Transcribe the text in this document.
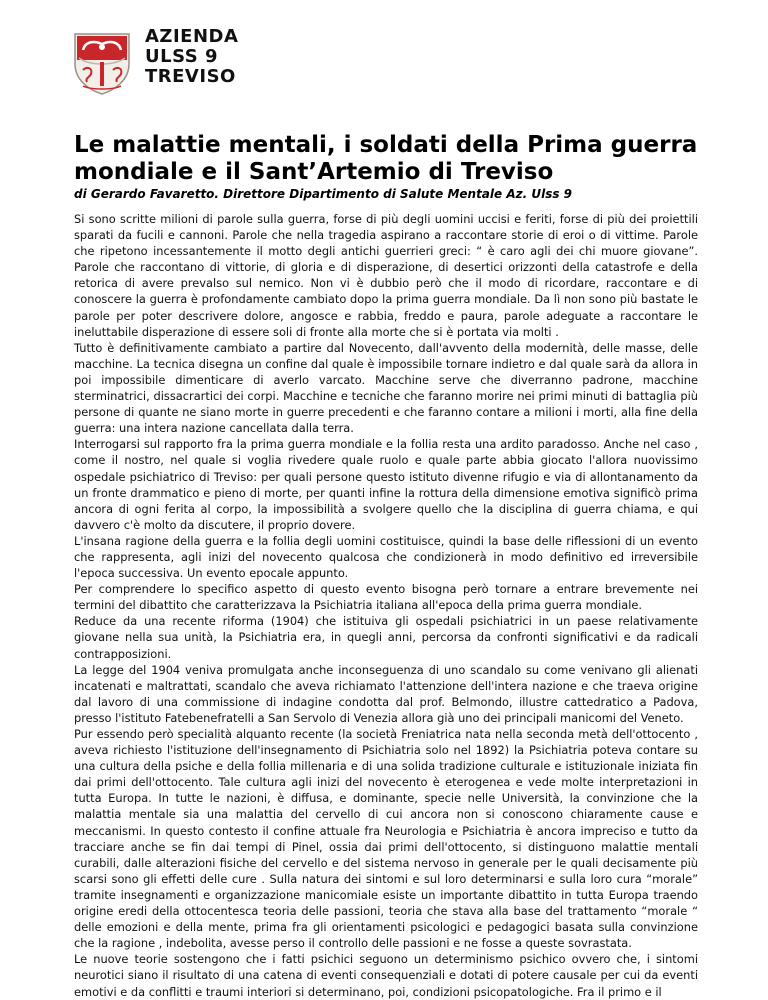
AZIENDA
ULSS 9
TREVISO
Le malattie mentali, i soldati della Prima guerra mondiale e il Sant’Artemio di Treviso
di Gerardo Favaretto. Direttore Dipartimento di Salute Mentale Az. Ulss 9

Si sono scritte milioni di parole sulla guerra, forse di più degli uomini uccisi e feriti, forse di più dei proiettili sparati da fucili e cannoni. Parole che nella tragedia aspirano a raccontare storie di eroi o di vittime. Parole che ripetono incessantemente il motto degli antichi guerrieri greci: “ è caro agli dei chi muore giovane”. Parole che raccontano di vittorie, di gloria e di disperazione, di desertici orizzonti della catastrofe e della retorica di avere prevalso sul nemico. Non vi è dubbio però che il modo di ricordare, raccontare e di conoscere la guerra è profondamente cambiato dopo la prima guerra mondiale. Da lì non sono più bastate le parole per poter descrivere dolore, angosce e rabbia, freddo e paura, parole adeguate a raccontare le ineluttabile disperazione di essere soli di fronte alla morte che si è portata via molti .

Tutto è definitivamente cambiato a partire dal Novecento, dall'avvento della modernità, delle masse, delle macchine. La tecnica disegna un confine dal quale è impossibile tornare indietro e dal quale sarà da allora in poi impossibile dimenticare di averlo varcato. Macchine serve che diverranno padrone, macchine sterminatrici, dissacrartici dei corpi. Macchine e tecniche che faranno morire nei primi minuti di battaglia più persone di quante ne siano morte in guerre precedenti e che faranno contare a milioni i morti, alla fine della guerra: una intera nazione cancellata dalla terra.

Interrogarsi sul rapporto fra la prima guerra mondiale e la follia resta una ardito paradosso. Anche nel caso , come il nostro, nel quale si voglia rivedere quale ruolo e quale parte abbia giocato l'allora nuovissimo ospedale psichiatrico di Treviso: per quali persone questo istituto divenne rifugio e via di allontanamento da un fronte drammatico e pieno di morte, per quanti infine la rottura della dimensione emotiva significò prima ancora di ogni ferita al corpo, la impossibilità a svolgere quello che la disciplina di guerra chiama, e qui davvero c'è molto da discutere, il proprio dovere.

L'insana ragione della guerra e la follia degli uomini costituisce, quindi la base delle riflessioni di un evento che rappresenta, agli inizi del novecento qualcosa che condizionerà in modo definitivo ed irreversibile l'epoca successiva. Un evento epocale appunto.

Per comprendere lo specifico aspetto di questo evento bisogna però tornare a entrare brevemente nei termini del dibattito che caratterizzava la Psichiatria italiana all'epoca della prima guerra mondiale.

Reduce da una recente riforma (1904) che istituiva gli ospedali psichiatrici in un paese relativamente giovane nella sua unità, la Psichiatria era, in quegli anni, percorsa da confronti significativi e da radicali contrapposizioni.

La legge del 1904 veniva promulgata anche inconseguenza di uno scandalo su come venivano gli alienati incatenati e maltrattati, scandalo che aveva richiamato l'attenzione dell'intera nazione e che traeva origine dal lavoro di una commissione di indagine condotta dal prof. Belmondo, illustre cattedratico a Padova, presso l'istituto Fatebenefratelli a San Servolo di Venezia allora già uno dei principali manicomi del Veneto.

Pur essendo però specialità alquanto recente (la società Freniatrica nata nella seconda metà dell'ottocento , aveva richiesto l'istituzione dell'insegnamento di Psichiatria solo nel 1892) la Psichiatria poteva contare su una cultura della psiche e della follia millenaria e di una solida tradizione culturale e istituzionale iniziata fin dai primi dell'ottocento. Tale cultura agli inizi del novecento è eterogenea e vede molte interpretazioni in tutta Europa. In tutte le nazioni, è diffusa, e dominante, specie nelle Università, la convinzione che la malattia mentale sia una malattia del cervello di cui ancora non si conoscono chiaramente cause e meccanismi. In questo contesto il confine attuale fra Neurologia e Psichiatria è ancora impreciso e tutto da tracciare anche se fin dai tempi di Pinel, ossia dai primi dell'ottocento, si distinguono malattie mentali curabili, dalle alterazioni fisiche del cervello e del sistema nervoso in generale per le quali decisamente più scarsi sono gli effetti delle cure . Sulla natura dei sintomi e sul loro determinarsi e sulla loro cura “morale” tramite insegnamenti e organizzazione manicomiale esiste un importante dibattito in tutta Europa traendo origine eredi della ottocentesca teoria delle passioni, teoria che stava alla base del trattamento “morale “ delle emozioni e della mente, prima fra gli orientamenti psicologici e pedagogici basata sulla convinzione che la ragione , indebolita, avesse perso il controllo delle passioni e ne fosse a queste sovrastata.

Le nuove teorie sostengono che i fatti psichici seguono un determinismo psichico ovvero che, i sintomi neurotici siano il risultato di una catena di eventi consequenziali e dotati di potere causale per cui da eventi emotivi e da conflitti e traumi interiori si determinano, poi, condizioni psicopatologiche. Fra il primo e il
